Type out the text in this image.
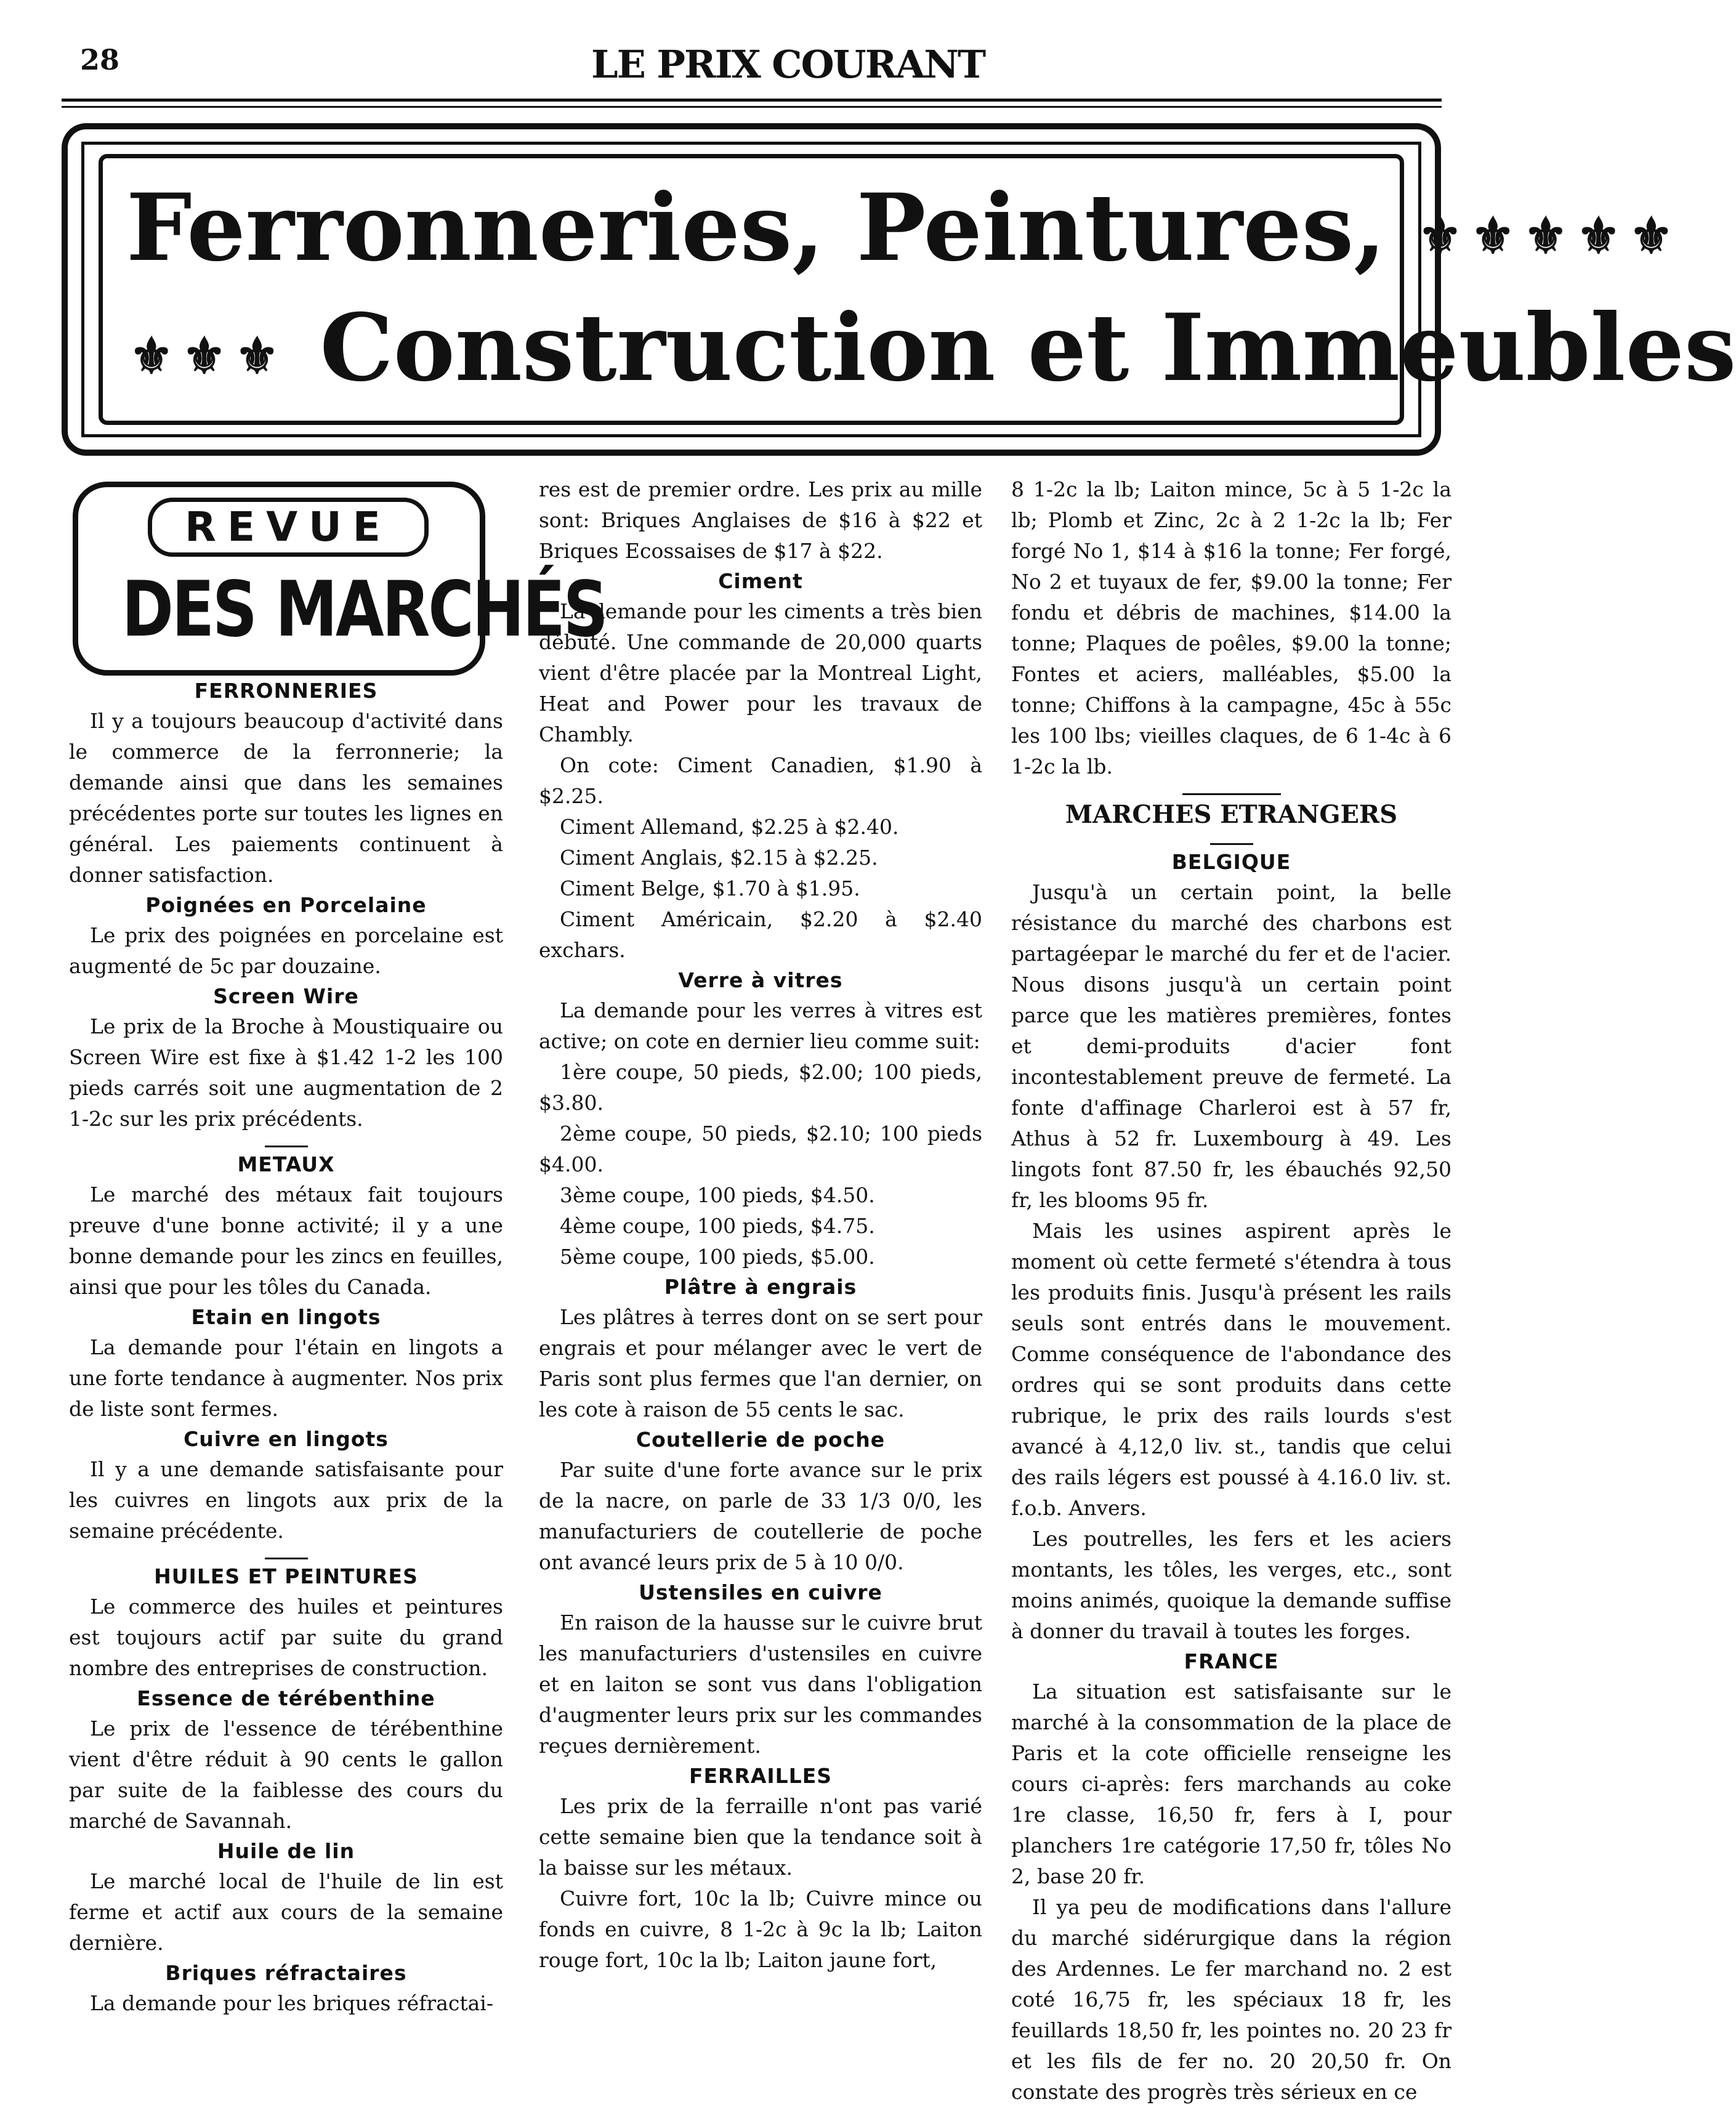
28	LE PRIX COURANT
Ferronneries, Peintures, ⚜⚜⚜⚜⚜
⚜⚜⚜ Construction et Immeubles
REVUE
DES MARCHÉS
FERRONNERIES

Il y a toujours beaucoup d'activité dans le commerce de la ferronnerie; la demande ainsi que dans les semaines précédentes porte sur toutes les lignes en général. Les paiements continuent à donner satisfaction.

Poignées en Porcelaine

Le prix des poignées en porcelaine est augmenté de 5c par douzaine.

Screen Wire

Le prix de la Broche à Moustiquaire ou Screen Wire est fixe à $1.42 1-2 les 100 pieds carrés soit une augmentation de 2 1-2c sur les prix précédents.

METAUX

Le marché des métaux fait toujours preuve d'une bonne activité; il y a une bonne demande pour les zincs en feuilles, ainsi que pour les tôles du Canada.

Etain en lingots

La demande pour l'étain en lingots a une forte tendance à augmenter. Nos prix de liste sont fermes.

Cuivre en lingots

Il y a une demande satisfaisante pour les cuivres en lingots aux prix de la semaine précédente.

HUILES ET PEINTURES

Le commerce des huiles et peintures est toujours actif par suite du grand nombre des entreprises de construction.

Essence de térébenthine

Le prix de l'essence de térébenthine vient d'être réduit à 90 cents le gallon par suite de la faiblesse des cours du marché de Savannah.

Huile de lin

Le marché local de l'huile de lin est ferme et actif aux cours de la semaine dernière.

Briques réfractaires

La demande pour les briques réfractai-

res est de premier ordre. Les prix au mille sont: Briques Anglaises de $16 à $22 et Briques Ecossaises de $17 à $22.

Ciment

La demande pour les ciments a très bien débuté. Une commande de 20,000 quarts vient d'être placée par la Montreal Light, Heat and Power pour les travaux de Chambly.

On cote: Ciment Canadien, $1.90 à $2.25.

Ciment Allemand, $2.25 à $2.40.

Ciment Anglais, $2.15 à $2.25.

Ciment Belge, $1.70 à $1.95.

Ciment Américain, $2.20 à $2.40 exchars.

Verre à vitres

La demande pour les verres à vitres est active; on cote en dernier lieu comme suit:

1ère coupe, 50 pieds, $2.00; 100 pieds, $3.80.

2ème coupe, 50 pieds, $2.10; 100 pieds $4.00.

3ème coupe, 100 pieds, $4.50.

4ème coupe, 100 pieds, $4.75.

5ème coupe, 100 pieds, $5.00.

Plâtre à engrais

Les plâtres à terres dont on se sert pour engrais et pour mélanger avec le vert de Paris sont plus fermes que l'an dernier, on les cote à raison de 55 cents le sac.

Coutellerie de poche

Par suite d'une forte avance sur le prix de la nacre, on parle de 33 1/3 0/0, les manufacturiers de coutellerie de poche ont avancé leurs prix de 5 à 10 0/0.

Ustensiles en cuivre

En raison de la hausse sur le cuivre brut les manufacturiers d'ustensiles en cuivre et en laiton se sont vus dans l'obligation d'augmenter leurs prix sur les commandes reçues dernièrement.

FERRAILLES

Les prix de la ferraille n'ont pas varié cette semaine bien que la tendance soit à la baisse sur les métaux.

Cuivre fort, 10c la lb; Cuivre mince ou fonds en cuivre, 8 1-2c à 9c la lb; Laiton rouge fort, 10c la lb; Laiton jaune fort,

8 1-2c la lb; Laiton mince, 5c à 5 1-2c la lb; Plomb et Zinc, 2c à 2 1-2c la lb; Fer forgé No 1, $14 à $16 la tonne; Fer forgé, No 2 et tuyaux de fer, $9.00 la tonne; Fer fondu et débris de machines, $14.00 la tonne; Plaques de poêles, $9.00 la tonne; Fontes et aciers, malléables, $5.00 la tonne; Chiffons à la campagne, 45c à 55c les 100 lbs; vieilles claques, de 6 1-4c à 6 1-2c la lb.

MARCHES ETRANGERS
BELGIQUE

Jusqu'à un certain point, la belle résistance du marché des charbons est partagéepar le marché du fer et de l'acier. Nous disons jusqu'à un certain point parce que les matières premières, fontes et demi-produits d'acier font incontestablement preuve de fermeté. La fonte d'affinage Charleroi est à 57 fr, Athus à 52 fr. Luxembourg à 49. Les lingots font 87.50 fr, les ébauchés 92,50 fr, les blooms 95 fr.

Mais les usines aspirent après le moment où cette fermeté s'étendra à tous les produits finis. Jusqu'à présent les rails seuls sont entrés dans le mouvement. Comme conséquence de l'abondance des ordres qui se sont produits dans cette rubrique, le prix des rails lourds s'est avancé à 4,12,0 liv. st., tandis que celui des rails légers est poussé à 4.16.0 liv. st. f.o.b. Anvers.

Les poutrelles, les fers et les aciers montants, les tôles, les verges, etc., sont moins animés, quoique la demande suffise à donner du travail à toutes les forges.

FRANCE

La situation est satisfaisante sur le marché à la consommation de la place de Paris et la cote officielle renseigne les cours ci-après: fers marchands au coke 1re classe, 16,50 fr, fers à I, pour planchers 1re catégorie 17,50 fr, tôles No 2, base 20 fr.

Il ya peu de modifications dans l'allure du marché sidérurgique dans la région des Ardennes. Le fer marchand no. 2 est coté 16,75 fr, les spéciaux 18 fr, les feuillards 18,50 fr, les pointes no. 20 23 fr et les fils de fer no. 20 20,50 fr. On constate des progrès très sérieux en ce
